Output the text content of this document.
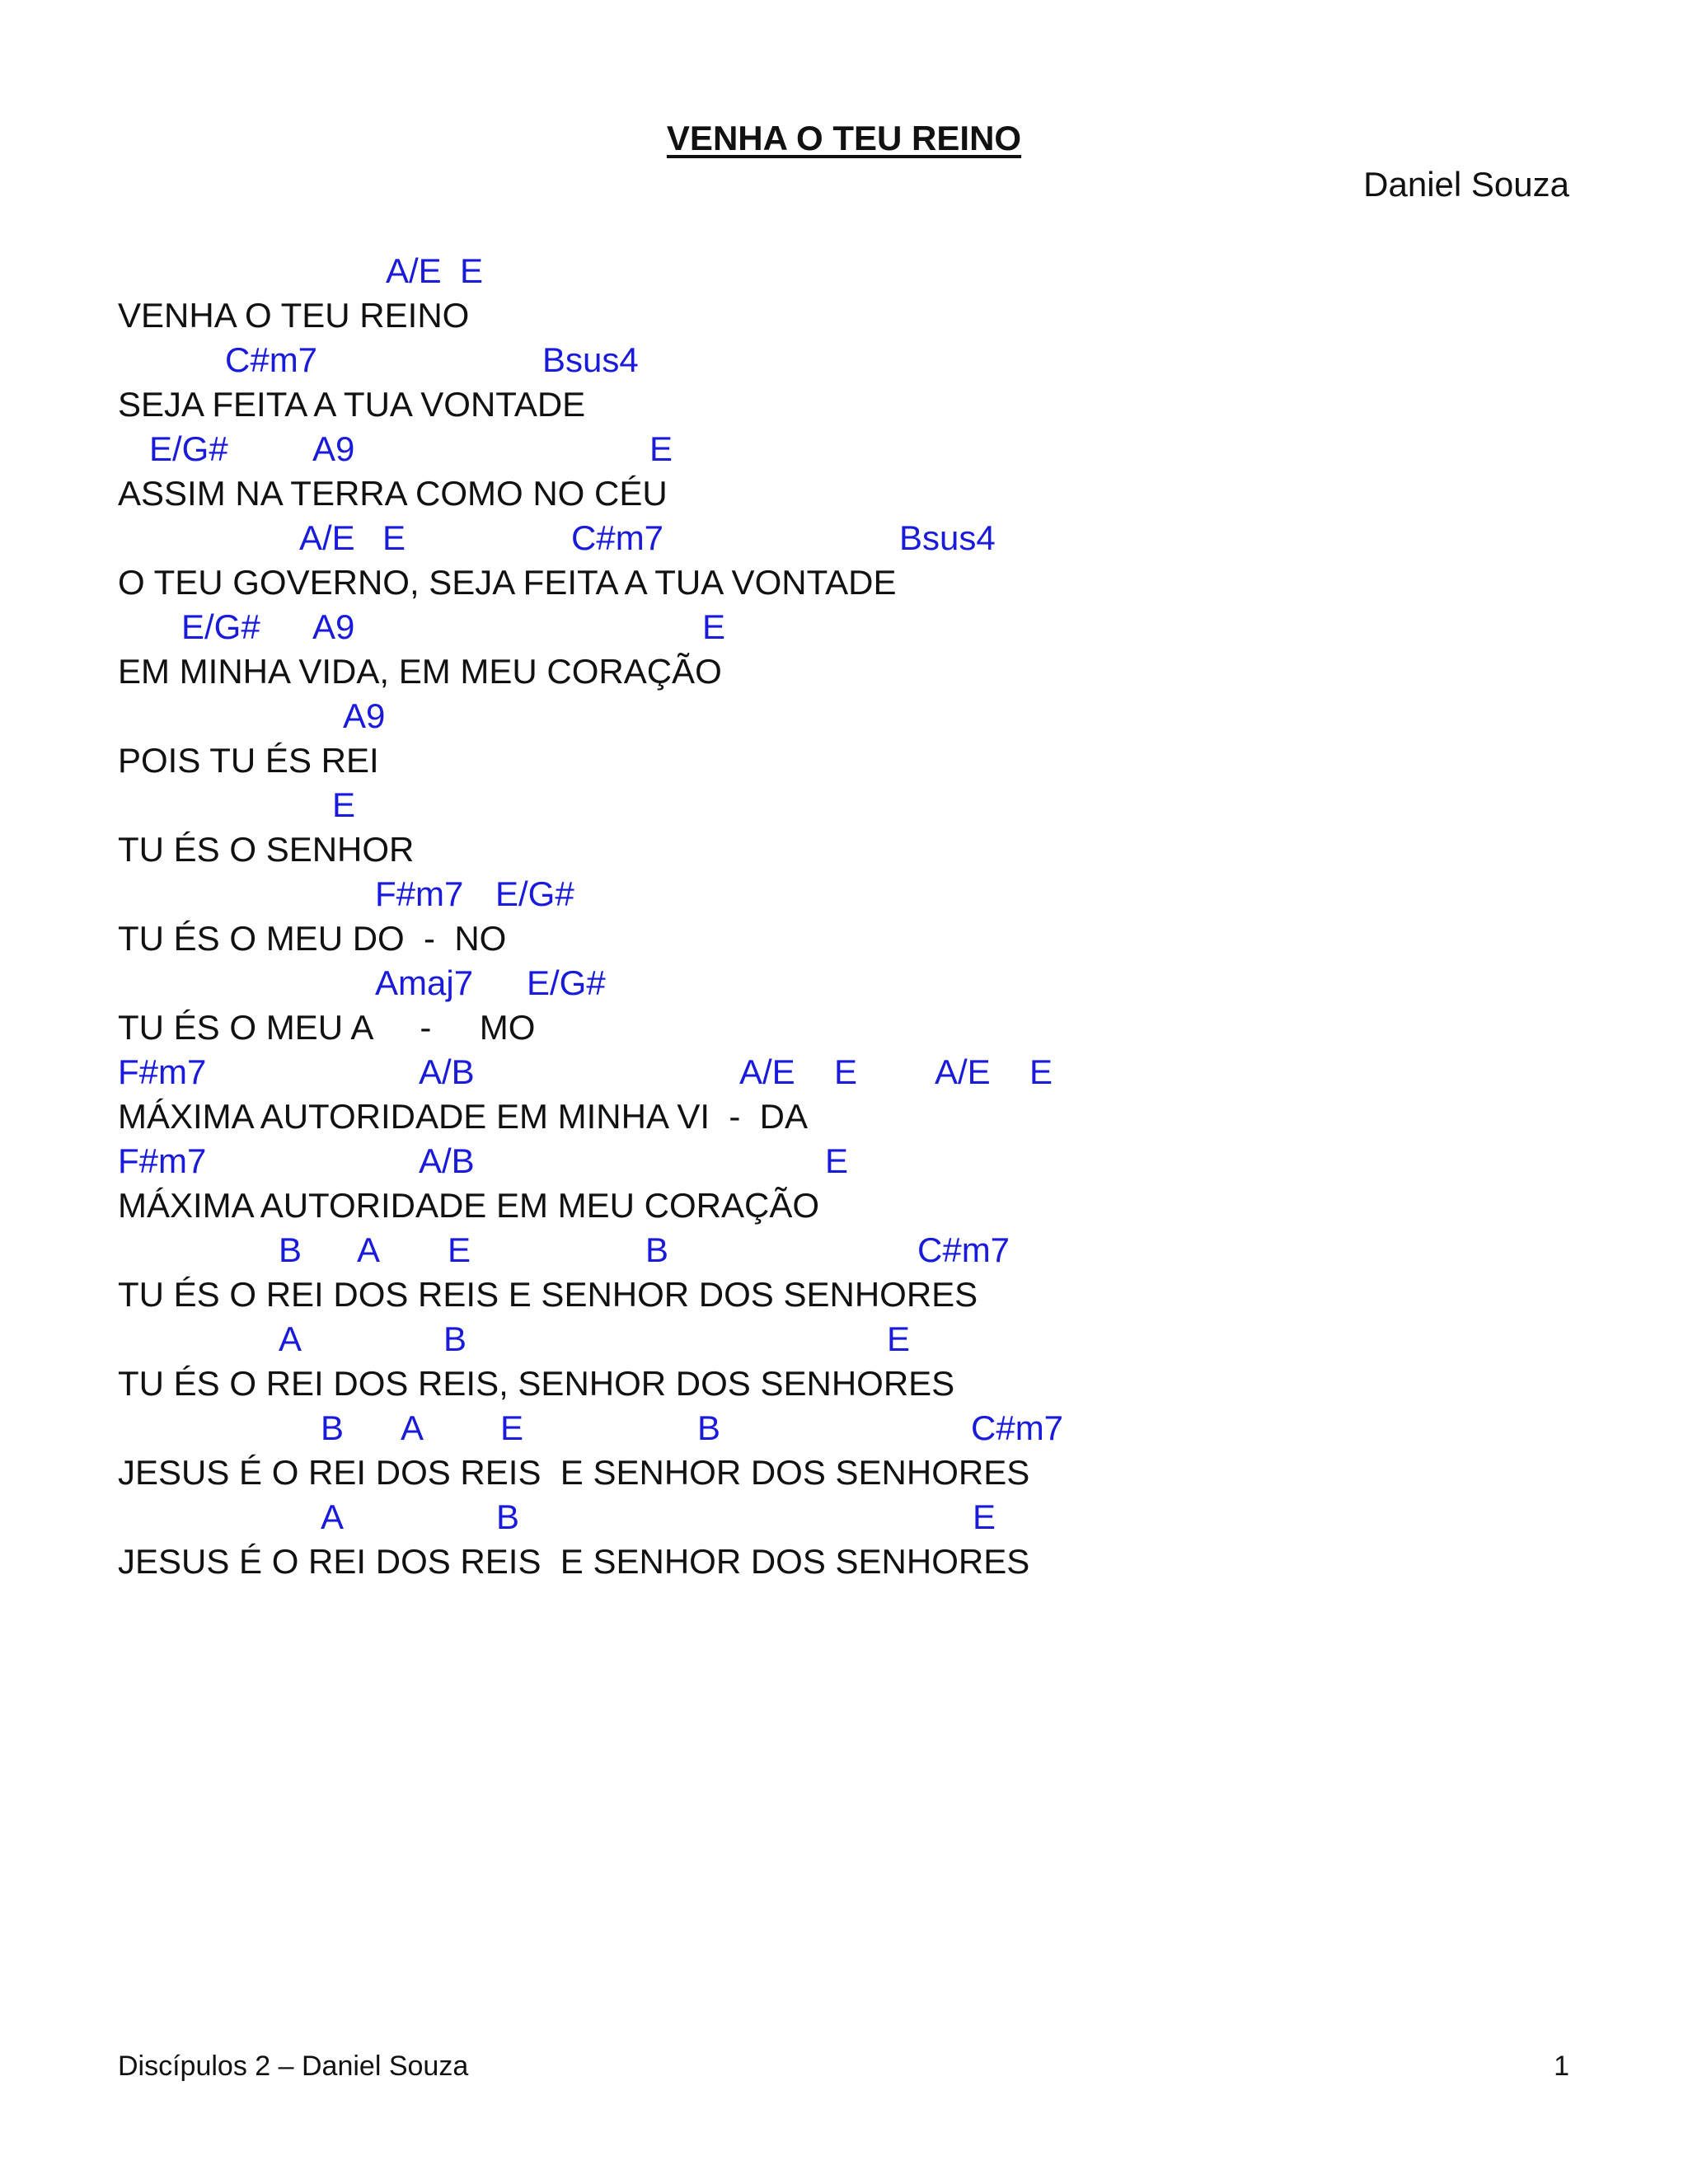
VENHA O TEU REINO
Daniel Souza

A/E

E

VENHA O TEU REINO

C#m7

	Bsus4

SEJA FEITA A TUA VONTADE

E/G#

A9

	E

ASSIM NA TERRA COMO NO CÉU

A/E

E

	C#m7

	Bsus4

O TEU GOVERNO, SEJA FEITA A TUA VONTADE

E/G#

A9

	E

EM MINHA VIDA, EM MEU CORAÇÃO

A9

POIS TU ÉS REI

E

TU ÉS O SENHOR

F#m7

E/G#

TU ÉS O MEU DO  -  NO

Amaj7

E/G#

TU ÉS O MEU A     -     MO

F#m7

	A/B

	A/E

E

A/E

E

MÁXIMA AUTORIDADE EM MINHA VI  -  DA

F#m7

	A/B

	E

MÁXIMA AUTORIDADE EM MEU CORAÇÃO

B

A

E

	B

	C#m7

TU ÉS O REI DOS REIS E SENHOR DOS SENHORES

A

	B

	E

TU ÉS O REI DOS REIS, SENHOR DOS SENHORES

B

A

E

	B

	C#m7

JESUS É O REI DOS REIS  E SENHOR DOS SENHORES

A

	B

	E

JESUS É O REI DOS REIS  E SENHOR DOS SENHORES
Discípulos 2 – Daniel Souza	1
